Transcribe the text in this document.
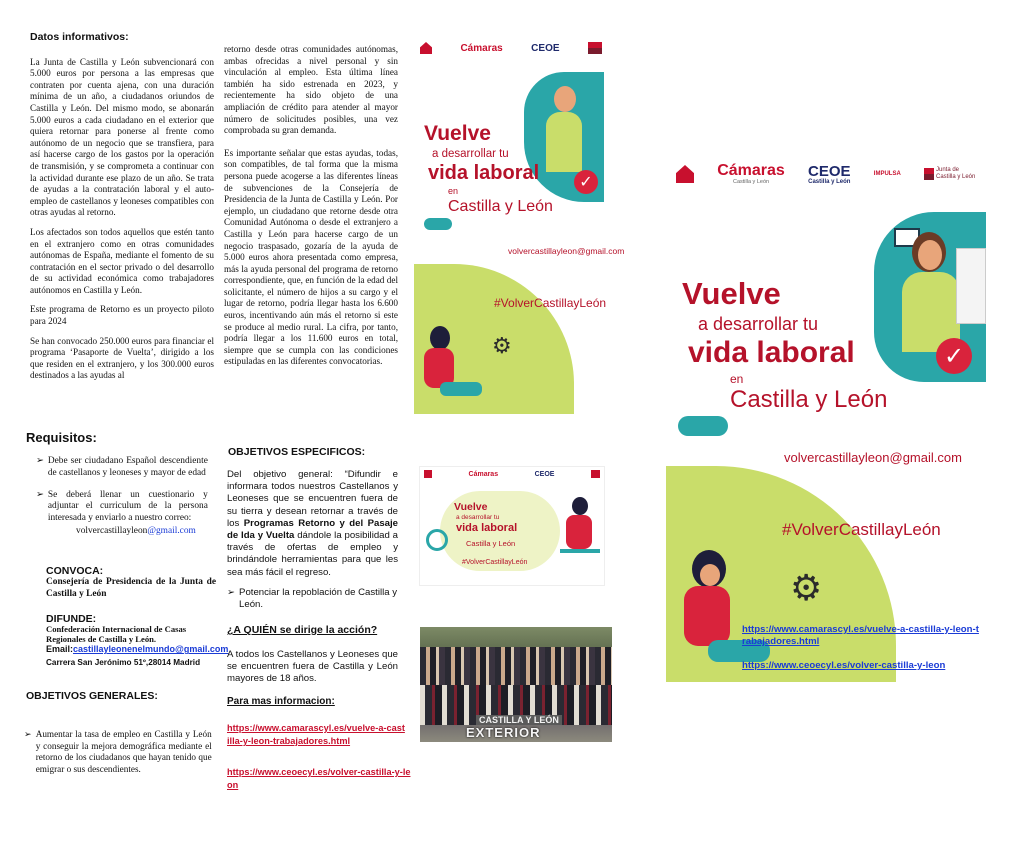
Datos informativos:

La Junta de Castilla y León subvencionará con 5.000 euros por persona a las empresas que contraten por cuenta ajena, con una duración mínima de un año, a ciudadanos oriundos de Castilla y León. Del mismo modo, se abonarán 5.000 euros a cada ciudadano en el exterior que quiera retornar para ponerse al frente como autónomo de un negocio que se transfiera, para así hacerse cargo de los gastos por la operación de transmisión, y se comprometa a continuar con la actividad durante ese plazo de un año. Se trata de ayudas a la contratación laboral y el auto-empleo de castellanos y leoneses compatibles con otras ayudas al retorno.

Los afectados son todos aquellos que estén tanto en el extranjero como en otras comunidades autónomas de España, mediante el fomento de su contratación en el sector privado o del desarrollo de su actividad económica como trabajadores autónomos en Castilla y León.

Este programa de Retorno es un proyecto piloto para 2024

Se han convocado 250.000 euros para financiar el programa ‘Pasaporte de Vuelta’, dirigido a los que residen en el extranjero, y los 300.000 euros destinados a las ayudas al

Requisitos:
➢ Debe ser ciudadano Español descendiente de castellanos y leoneses y mayor de edad
➢ Se deberá llenar un cuestionario y adjuntar el curriculum de la persona interesada y enviarlo a nuestro correo:
volvercastillayleon@gmail.com
CONVOCA:
Consejería de Presidencia de la Junta de Castilla y León
DIFUNDE:
Confederación Internacional de Casas Regionales de Castilla y León.
Email:castillayleonenelmundo@gmail.com
Carrera San Jerónimo 51º,28014 Madrid
OBJETIVOS GENERALES:
➢ Aumentar la tasa de empleo en Castilla y León y conseguir la mejora demográfica mediante el retorno de los ciudadanos que hayan tenido que emigrar o sus descendientes.

retorno desde otras comunidades autónomas, ambas ofrecidas a nivel personal y sin vinculación al empleo. Esta última línea también ha sido estrenada en 2023, y recientemente ha sido objeto de una ampliación de crédito para atender al mayor número de solicitudes posibles, una vez comprobada su gran demanda.

Es importante señalar que estas ayudas, todas, son compatibles, de tal forma que la misma persona puede acogerse a las diferentes líneas de subvenciones de la Consejería de Presidencia de la Junta de Castilla y León. Por ejemplo, un ciudadano que retorne desde otra Comunidad Autónoma o desde el extranjero a Castilla y León para hacerse cargo de un negocio traspasado, gozaría de la ayuda de 5.000 euros ahora presentada como empresa, más la ayuda personal del programa de retorno correspondiente, que, en función de la edad del solicitante, el número de hijos a su cargo y el lugar de retorno, podría llegar hasta los 6.600 euros, incentivando aún más el retorno si este se produce al medio rural. La cifra, por tanto, podría llegar a los 11.600 euros en total, siempre que se cumpla con las condiciones estipuladas en las diferentes convocatorias.

OBJETIVOS ESPECIFICOS:
Del objetivo general: “Difundir e informara todos nuestros Castellanos y Leoneses que se encuentren fuera de su tierra y desean retornar a través de los Programas Retorno y del Pasaje de Ida y Vuelta dándole la posibilidad a través de ofertas de empleo y brindándole herramientas para que les sea más fácil el regreso.
➢ Potenciar la repoblación de Castilla y León.
¿A QUIÉN se dirige la acción?
A todos los Castellanos y Leoneses que se encuentren fuera de Castilla y León mayores de 18 años.
Para mas informacion:
https://www.camarascyl.es/vuelve-a-castilla-y-leon-trabajadores.html
https://www.ceoecyl.es/volver-castilla-y-leon
Cámaras	CEOE
✓
Vuelve
a desarrollar tu
vida laboral
en
Castilla y León
volvercastillayleon@gmail.com
#VolverCastillayLeón
⚙
Cámaras	CEOE
Vuelve
a desarrollar tu
vida laboral
Castilla y León
#VolverCastillayLeón
CASTILLA Y LEÓN
EXTERIOR
Cámaras
Castilla y León
CEOE
Castilla y León
IMPULSA
Junta de Castilla y León
✓
Vuelve
a desarrollar tu
vida laboral
en
Castilla y León
volvercastillayleon@gmail.com
#VolverCastillayLeón
⚙
https://www.camarascyl.es/vuelve-a-castilla-y-leon-trabajadores.html
https://www.ceoecyl.es/volver-castilla-y-leon
